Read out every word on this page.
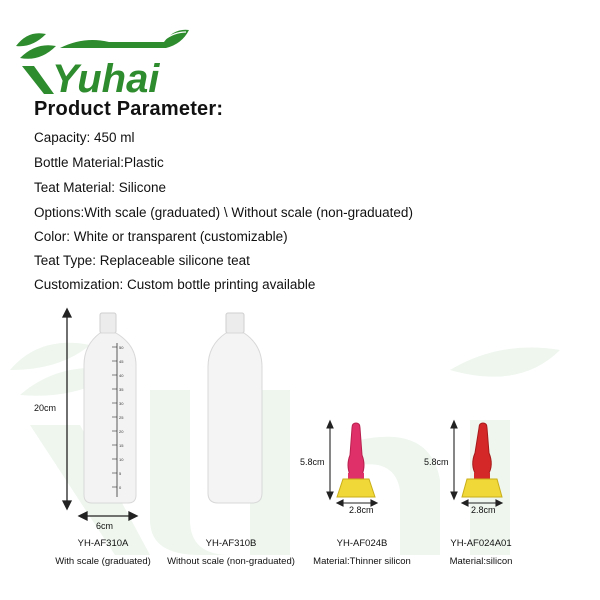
Yuhai
Product Parameter:
Capacity: 450 ml
Bottle Material:Plastic
Teat Material: Silicone
Options:With scale (graduated) \ Without scale (non-graduated)
Color: White or transparent (customizable)
Teat Type: Replaceable silicone teat
Customization: Custom bottle printing available
50
45
40
35
30
25
20
15
10
5
0
20cm
6cm
5.8cm
2.8cm
5.8cm
2.8cm
YH-AF310A
With scale (graduated)
YH-AF310B
Without scale (non-graduated)
YH-AF024B
Material:Thinner silicon
YH-AF024A01
Material:silicon
